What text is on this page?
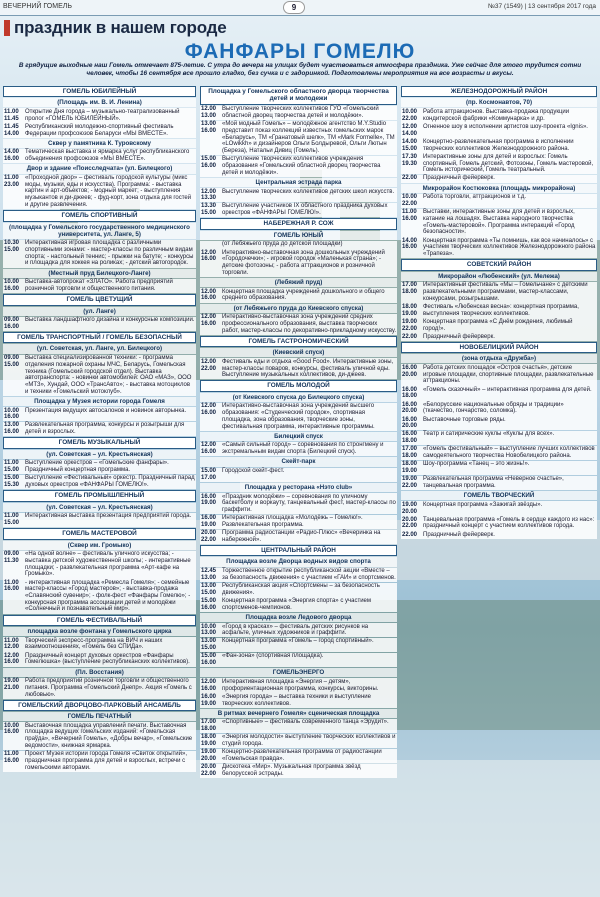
ВЕЧЕРНИЙ ГОМЕЛЬ	9	№37 (1549) | 13 сентября 2017 года
праздник в нашем городе
ФАНФАРЫ ГОМЕЛЮ
В грядущие выходные наш Гомель отмечает 875-летие. С утра до вечера на улицах будет чувствоваться атмосфера праздника. Уже сейчас для этого трудится сотни человек, чтобы 16 сентября все прошло гладко, без сучка и с задоринкой. Подготовлены мероприятия на все возрасты и вкусы.
ГОМЕЛЬ ЮБИЛЕЙНЫЙ
(Площадь им. В. И. Ленина)
11.00
11.45
Открытие Дня города – музыкально-театрализованный пролог «ГОМЕЛЬ ЮБИЛЕЙНЫЙ».
11.45
14.00
Республиканский молодежно-спортивный фестиваль Федерации профсоюзов Беларуси «МЫ ВМЕСТЕ».
Сквер у памятника К. Туровскому
14.00
16.00
Тематическая выставка и ярмарка услуг республиканского объединения профсоюзов «МЫ ВМЕСТЕ».
Двор и здание «Поисследчата» (ул. Билецкого)
11.00
23.00
«Проходной двор» – фестиваль городской культуры (микс моды, музыки, еды и искусства). Программа: - выставка картин и арт-объектов; - модный маркет; - выступления музыкантов и ди-джеев; - фуд-корт, зона отдыха для гостей и другие развлечения.
ГОМЕЛЬ СПОРТИВНЫЙ
(площадка у Гомельского государственного медицинского университета, ул. Ланге, 5)
10.30
15.00
Интерактивная игровая площадка с различными спортивными зонами: - мастер-классы по различным видам спорта; - настольный теннис; - прыжки на батуте; - конкурсы и площадка для хоккея на роликах; - детский автогородок.
(Местный пруд Билецкого-Ланге)
10.00
16.00
Выставка-автопрокат «ЗЛАТО». Работа предприятий розничной торговли и общественного питания.
ГОМЕЛЬ ЦВЕТУЩИЙ
(ул. Ланге)
09.00
16.00
Выставка ландшафтного дизайна и конкурсные композиции.
ГОМЕЛЬ ТРАНСПОРТНЫЙ / ГОМЕЛЬ БЕЗОПАСНЫЙ
(ул. Советская, ул. Ланге, ул. Билецкого)
09.00
15.00
Выставка специализированной техники: - программа отделения пожарной охраны МЧС, Беларусь, Гомельская техника (Гомельский городской отдел). Выставка автотранспорта: - новинки автомобилей: ОАО «МАЗ», ООО «МТЗ», Хундай, ООО «ТрансАвто»; - выставка мотоциклов и техники «Гомельский мотоклуб».
Площадка у Музея истории города Гомеля
10.00
16.00
Презентация ведущих автосалонов и новинок авторынка.
13.00
16.00
Развлекательная программа, конкурсы и розыгрыши для детей и взрослых.
ГОМЕЛЬ МУЗЫКАЛЬНЫЙ
(ул. Советская – ул. Крестьянская)
11.00
15.00
Выступление оркестров – «Гомельские фанфары». Праздничный концертная программа.
15.00
15.30
Выступление «Фестивальный» оркестр. Праздничный парад духовых оркестров «ФАНФАРЫ ГОМЕЛЮ!».
ГОМЕЛЬ ПРОМЫШЛЕННЫЙ
(ул. Советская – ул. Крестьянская)
11.00
15.00
Интерактивная выставка презентация предприятий города.
ГОМЕЛЬ МАСТЕРОВОЙ
(Сквер им. Громыко)
09.00
11.30
«На одной волне» – фестиваль уличного искусства; - выставка детской художественной школы; - интерактивные площадки; - развлекательная программа «Арт-кафе на Громыко».
11.00
16.00
- интерактивная площадка «Ремесла Гомеля»; - семейные мастер-классы «Город мастеров»; - выставка-продажа «Славянский сувенир»; - фолк-фест «Фанфары Гомелю»; - конкурсная программа ассоциации детей и молодёжи «Солнечный и познавательный мир».
ГОМЕЛЬ ФЕСТИВАЛЬНЫЙ
площадка возле фонтана у Гомельского цирка
11.00
12.00
Творческий экспресс-программа на ВИЧ и наших взаимоотношениях, «Гомель без СПИДа».
12.00
16.00
Праздничный концерт духовых оркестров «Фанфары Гомелюшка» (выступление республиканских коллективов).
(Пл. Восстания)
19.00
21.00
Работа предприятий розничной торговли и общественного питания. Программа «Гомельский Днепр». Акция «Гомель с любовью».
ГОМЕЛЬСКИЙ ДВОРЦОВО-ПАРКОВЫЙ АНСАМБЛЬ
ГОМЕЛЬ ПЕЧАТНЫЙ
10.00
16.00
Выставочная площадка управлений печати. Выставочная площадка ведущих гомельских изданий: «Гомельская праўда», «Вечерний Гомель», «Добры вечар», «Гомельские ведомости», книжная ярмарка.
11.00
16.00
Проект Музея истории города Гомеля «Свиток открытий», праздничная программа для детей и взрослых, встречи с гомельскими авторами.
Площадка у Гомельского областного дворца творчества детей и молодежи
12.00
13.00
Выступление творческих коллективов ГУО «Гомельский областной дворец творчества детей и молодёжи».
13.00
16.00
«Мой модный Гомель» – молодёжное агентство M.Y.Studio представит показ коллекций известных гомельских марок «Беларусь», ТМ «Гранатовый шелк», ТМ «Mark Formelle», ТМ «LOwikkh» и дизайнеров Ольги Болдыревой, Ольги Лютын (Береза), Натальи Дивиц (Гомель).
15.00
16.00
Выступление творческих коллективов учреждения образования «Гомельский областной дворец творчества детей и молодёжи».
Центральная эстрада парка
12.00
13.30
Выступление творческих коллективов детских школ искусств.
13.30
15.00
Выступление участников IX областного праздника духовых оркестров «ФАНФАРЫ ГОМЕЛЮ!».
НАБЕРЕЖНАЯ Р. СОЖ
ГОМЕЛЬ ЮНЫЙ
(от Лебяжьего пруда до детской площадки)
12.00
16.00
Интерактивно-выставочная зона дошкольных учреждений «Городочечки»; - игровой городок «Маленькая страна»; - детские фотозоны; - работа аттракционов и розничной торговли.
(Лебяжий пруд)
12.00
16.00
Концертная площадка учреждений дошкольного и общего среднего образования.
(от Лебяжьего пруда до Киевского спуска)
12.00
16.00
Интерактивно-выставочная зона учреждений средних профессионального образования, выставка творческих работ, мастер-классы по декоративно-прикладному искусству.
ГОМЕЛЬ ГАСТРОНОМИЧЕСКИЙ
(Киевский спуск)
12.00
22.00
Фестиваль еды и отдыха «Good Food». Интерактивные зоны, мастер-классы поваров, конкурсы, фестиваль уличной еды. Выступление музыкальных коллективов, ди-джеев.
ГОМЕЛЬ МОЛОДОЙ
(от Киевского спуска до Билецкого спуска)
12.00
16.00
Интерактивно-выставочная зона учреждений высшего образования: «Студенческий городок», спортивная площадка, зона образования, творческие зоны, фестивальная программа, интерактивные программы.
Билецкий спуск
12.00
16.00
«Самый сильный город» – соревнования по стронгмену и экстремальным видам спорта (Билецкий спуск).
Скейт-парк
15.00
17.00
Городской скейт-фест.
Площадка у ресторана «Нэто club»
16.00
19.00
«Праздник молодёжи» – соревнования по уличному баскетболу и воркауту, танцевальный фест, мастер-классы по граффити.
16.00
19.00
Интерактивная площадка «Молодёжь – Гомелю!». Развлекательная программа.
20.00
22.00
Программа радиостанции «Радио-Плюс» «Вечеринка на набережной».
ЦЕНТРАЛЬНЫЙ РАЙОН
Площадка возле Дворца водных видов спорта
12.45
13.00
Торжественное открытие республиканской акции «Вместе – за безопасность движения» с участием «ГАИ» и спортсменов.
13.00
15.00
Республиканская акция «Спортсмены – за безопасность движения».
15.00
16.00
Концертная программа «Энергия спорта» с участием спортсменов-чемпионов.
Площадка возле Ледового дворца
10.00
13.00
«Город в красках» – фестиваль детских рисунков на асфальте, уличных художников и граффити.
13.00
15.00
Концертная программа «Гомель – город спортивный».
15.00
16.00
«Фан-зона» (спортивная площадка).
ГОМЕЛЬЭНЕРГО
12.00
16.00
Интерактивная площадка «Энергия – детям», профориентационная программа, конкурсы, викторины.
16.00
19.00
«Энергия города» – выставка техники и выступление творческих коллективов.
В ритмах вечернего Гомеля» сценическая площадка
17.00
18.00
«Спортивные» – фестиваль современного танца «Эрудит».
18.00
19.00
«Энергия молодости» выступление творческих коллективов и студий города.
19.00
20.00
Концертно-развлекательная программа от радиостанции «Гомельская правда».
20.00
22.00
Дискотека «Мир». Музыкальная программа звёзд белорусской эстрады.
ЖЕЛЕЗНОДОРОЖНЫЙ РАЙОН
(пр. Космонавтов, 70)
10.00
22.00
Работа аттракционов. Выставка-продажа продукции кондитерской фабрики «Коммунарка» и др.
12.00
14.00
Огненное шоу в исполнении артистов шоу-проекта «Ignis».
14.00
15.00
Концертно-развлекательная программа в исполнении творческих коллективов Железнодорожного района.
17.30
19.30
Интерактивные зоны для детей и взрослых: Гомель спортивный, Гомель детский, Фотозоны, Гомель мастеровой, Гомель исторический, Гомель театральный.
22.00 Праздничный фейерверк.
Микрорайон Костюковка (площадь микрорайона)
10.00
22.00
Работа торговли, аттракционов и т.д.
11.00
16.00
Выставки, интерактивные зоны для детей и взрослых, катание на лошадях. Выставка народного творчества «Гомель-мастеровой». Программа интеракций «Город безопасности».
14.00
16.00
Концертная программа «Ты помнишь, как все начиналось» с участием творческих коллективов Железнодорожного района «Трапеза».
СОВЕТСКИЙ РАЙОН
Микрорайон «Любенский» (ул. Мележа)
17.00
18.00
Интерактивный фестиваль «Мы – Гомельчане» с детскими развлекательными программами, мастер-классами, конкурсами, розыгрышами.
18.00
19.00
Фестиваль «Любенская весна»: концертная программа, выступления творческих коллективов.
19.00
22.00
Концертная программа «С Днём рождения, любимый город!».
22.00 Праздничный фейерверк.
НОВОБЕЛИЦКИЙ РАЙОН
(зона отдыха «Дружба»)
16.00
20.00
Работа детских площадок «Остров счастья», детские игровые площадки, спортивные площадки, развлекательные аттракционы.
16.00
18.00
«Гомель сказочный» – интерактивная программа для детей.
16.00
20.00
«Белорусские национальные обряды и традиции» (ткачество, гончарство, соломка).
16.00
20.00
Выставочные торговые ряды.
16.00
18.00
Театр и сатирические куклы «Куклы для всех».
17.00
18.00
«Гомель фестивальный» – выступление лучших коллективов самодеятельного творчества Новобелицкого района.
18.00
19.00
Шоу-программа «Танец – это жизнь!».
19.00
22.00
Развлекательная программа «Неверное счастье», танцевальная программа.
ГОМЕЛЬ ТВОРЧЕСКИЙ
19.00
20.00
Концертная программа «Зажигай звёзды».
20.00
22.00
Танцевальная программа «Гомель в сердце каждого из нас»: праздничный концерт с участием коллективов города.
22.00 Праздничный фейерверк.
